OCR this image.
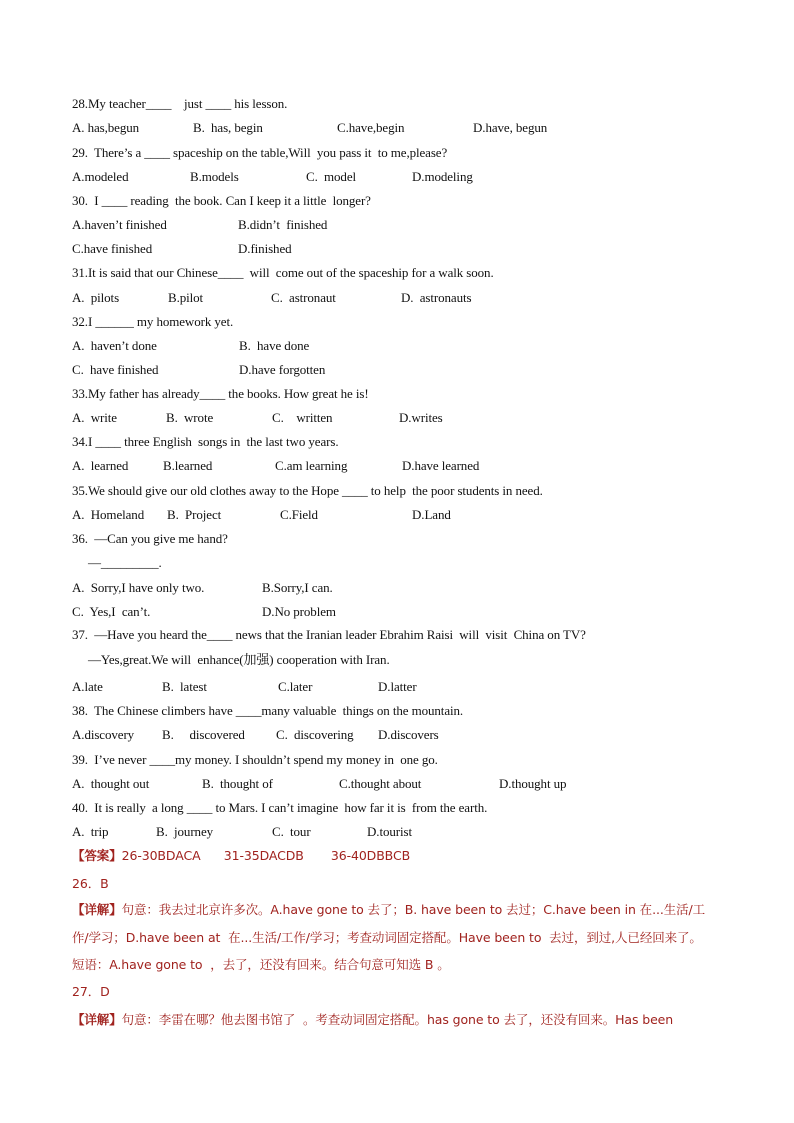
28.My teacher____    just ____ his lesson.
A. has,begun	B.  has, begin	C.have,begin	D.have, begun
29.  There’s a ____ spaceship on the table,Will  you pass it  to me,please?
A.modeled	B.models	C.  model	D.modeling
30.  I ____ reading  the book. Can I keep it a little  longer?
A.haven’t finished	B.didn’t  finished
C.have finished	D.finished
31.It is said that our Chinese____  will  come out of the spaceship for a walk soon.
A.  pilots	B.pilot	C.  astronaut	D.  astronauts
32.I ______ my homework yet.
A.  haven’t done	B.  have done
C.  have finished	D.have forgotten
33.My father has already____ the books. How great he is!
A.  write	B.  wrote	C.    written	D.writes
34.I ____ three English  songs in  the last two years.
A.  learned	B.learned	C.am learning	D.have learned
35.We should give our old clothes away to the Hope ____ to help  the poor students in need.
A.  Homeland B.  Project	C.Field	D.Land
36.  —Can you give me hand?
—_________.
A.  Sorry,I have only two.	B.Sorry,I can.
C.  Yes,I  can’t.	D.No problem
37.  —Have you heard the____ news that the Iranian leader Ebrahim Raisi  will  visit  China on TV?
—Yes,great.We will  enhance(加强) cooperation with Iran.
A.late	B.  latest	C.later	D.latter
38.  The Chinese climbers have ____many valuable  things on the mountain.
A.discovery B.     discovered C.  discovering D.discovers
39.  I’ve never ____my money. I shouldn’t spend my money in  one go.
A.  thought out	B.  thought of	C.thought about	D.thought up
40.  It is really  a long ____ to Mars. I can’t imagine  how far it is  from the earth.
A.  trip	B.  journey	C.  tour	D.tourist
【答案】26-30BDACA      31-35DACDB       36-40DBBCB
26．B
【详解】句意：我去过北京许多次。A.have gone to 去了；B. have been to 去过；C.have been in 在...生活/工
作/学习；D.have been at  在...生活/工作/学习；考查动词固定搭配。Have been to  去过，到过,人已经回来了。
短语：A.have gone to  ，去了，还没有回来。结合句意可知选 B 。
27．D
【详解】句意：李雷在哪？他去图书馆了  。考查动词固定搭配。has gone to 去了，还没有回来。Has been
